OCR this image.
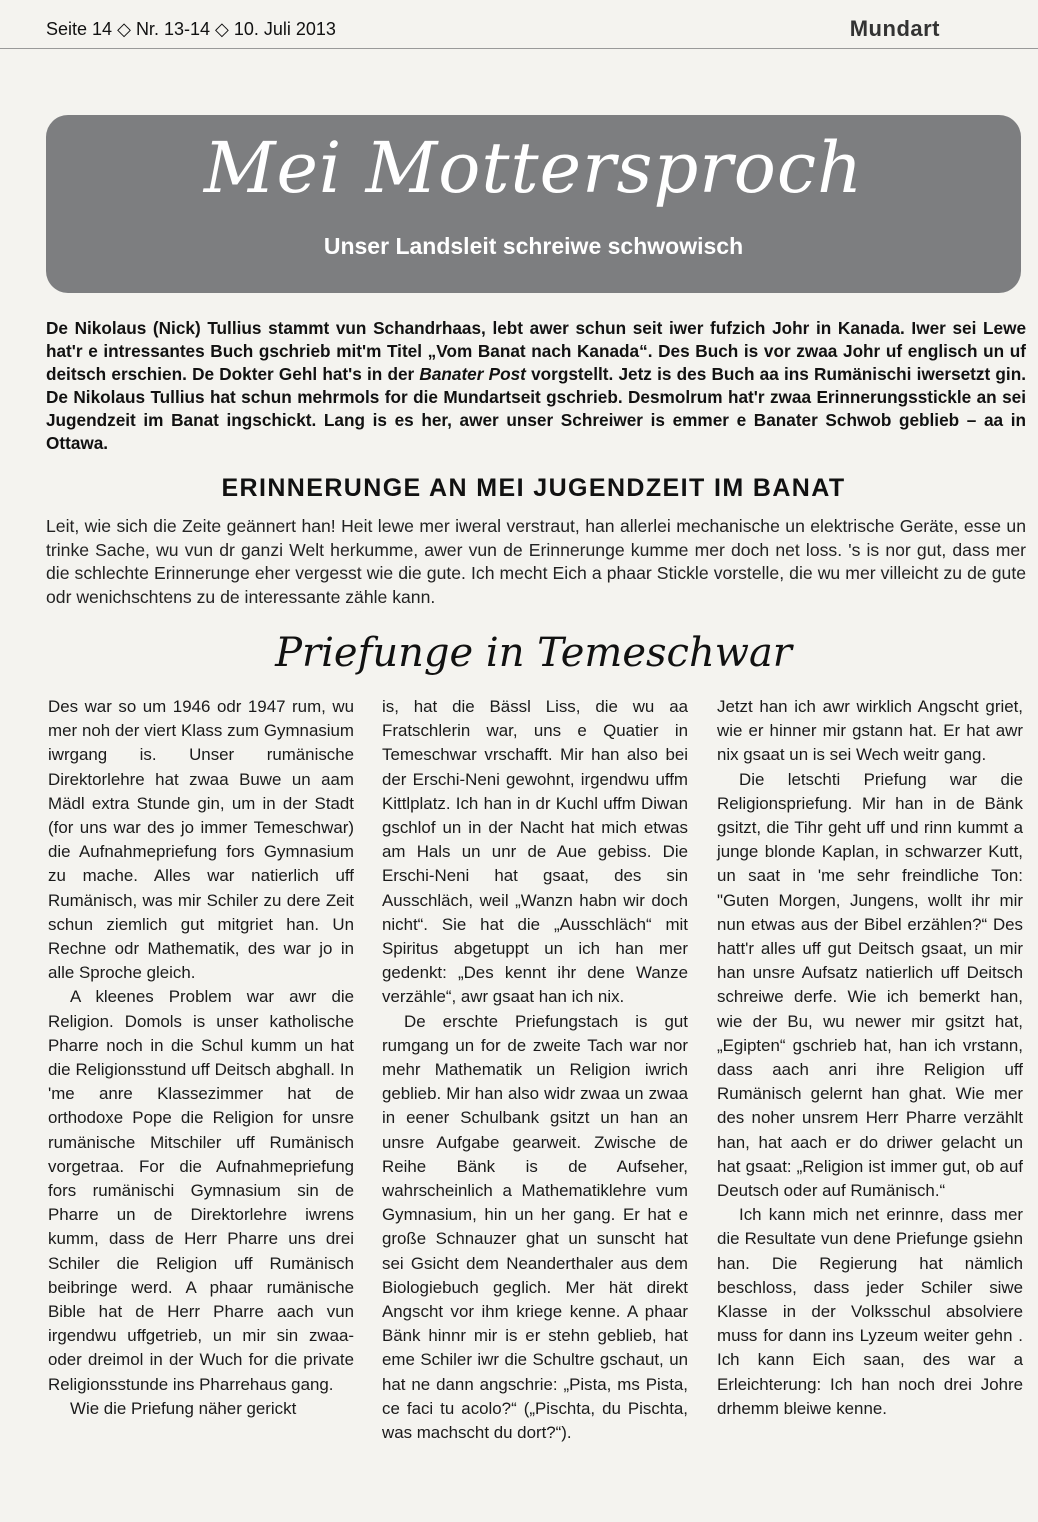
Seite 14 ◇ Nr. 13-14 ◇ 10. Juli 2013	Mundart
Mei Mottersproch
Unser Landsleit schreiwe schwowisch
De Nikolaus (Nick) Tullius stammt vun Schandrhaas, lebt awer schun seit iwer fufzich Johr in Kanada. Iwer sei Lewe hat'r e intressantes Buch gschrieb mit'm Titel „Vom Banat nach Kanada“. Des Buch is vor zwaa Johr uf englisch un uf deitsch erschien. De Dokter Gehl hat's in der Banater Post vorgstellt. Jetz is des Buch aa ins Rumänischi iwersetzt gin. De Nikolaus Tullius hat schun mehrmols for die Mundartseit gschrieb. Desmolrum hat'r zwaa Erinnerungsstickle an sei Jugendzeit im Banat ingschickt. Lang is es her, awer unser Schreiwer is emmer e Banater Schwob geblieb – aa in Ottawa.
ERINNERUNGE AN MEI JUGENDZEIT IM BANAT
Leit, wie sich die Zeite geännert han! Heit lewe mer iweral verstraut, han allerlei mechanische un elektrische Geräte, esse un trinke Sache, wu vun dr ganzi Welt herkumme, awer vun de Erinnerunge kumme mer doch net loss. 's is nor gut, dass mer die schlechte Erinnerunge eher vergesst wie die gute. Ich mecht Eich a phaar Stickle vorstelle, die wu mer villeicht zu de gute odr wenichschtens zu de interessante zähle kann.
Priefunge in Temeschwar

Des war so um 1946 odr 1947 rum, wu mer noh der viert Klass zum Gymnasium iwrgang is. Unser rumänische Direktorlehre hat zwaa Buwe un aam Mädl extra Stunde gin, um in der Stadt (for uns war des jo immer Temeschwar) die Aufnahmepriefung fors Gymnasium zu mache. Alles war natierlich uff Rumänisch, was mir Schiler zu dere Zeit schun ziemlich gut mitgriet han. Un Rechne odr Mathematik, des war jo in alle Sproche gleich.

A kleenes Problem war awr die Religion. Domols is unser katholische Pharre noch in die Schul kumm un hat die Religionsstund uff Deitsch abghall. In 'me anre Klassezimmer hat de orthodoxe Pope die Religion for unsre rumänische Mitschiler uff Rumänisch vorgetraa. For die Aufnahmepriefung fors rumänischi Gymnasium sin de Pharre un de Direktorlehre iwrens kumm, dass de Herr Pharre uns drei Schiler die Religion uff Rumänisch beibringe werd. A phaar rumänische Bible hat de Herr Pharre aach vun irgendwu uffgetrieb, un mir sin zwaa- oder dreimol in der Wuch for die private Religionsstunde ins Pharrehaus gang.

Wie die Priefung näher gerickt

is, hat die Bässl Liss, die wu aa Fratschlerin war, uns e Quatier in Temeschwar vrschafft. Mir han also bei der Erschi-Neni gewohnt, irgendwu uffm Kittlplatz. Ich han in dr Kuchl uffm Diwan gschlof un in der Nacht hat mich etwas am Hals un unr de Aue gebiss. Die Erschi-Neni hat gsaat, des sin Ausschläch, weil „Wanzn habn wir doch nicht“. Sie hat die „Ausschläch“ mit Spiritus abgetuppt un ich han mer gedenkt: „Des kennt ihr dene Wanze verzähle“, awr gsaat han ich nix.

De erschte Priefungstach is gut rumgang un for de zweite Tach war nor mehr Mathematik un Religion iwrich geblieb. Mir han also widr zwaa un zwaa in eener Schulbank gsitzt un han an unsre Aufgabe gearweit. Zwische de Reihe Bänk is de Aufseher, wahrscheinlich a Mathematiklehre vum Gymnasium, hin un her gang. Er hat e große Schnauzer ghat un sunscht hat sei Gsicht dem Neanderthaler aus dem Biologiebuch geglich. Mer hät direkt Angscht vor ihm kriege kenne. A phaar Bänk hinnr mir is er stehn geblieb, hat eme Schiler iwr die Schultre gschaut, un hat ne dann angschrie: „Pista, ms Pista, ce faci tu acolo?“ („Pischta, du Pischta, was machscht du dort?“).

Jetzt han ich awr wirklich Angscht griet, wie er hinner mir gstann hat. Er hat awr nix gsaat un is sei Wech weitr gang.

Die letschti Priefung war die Religionspriefung. Mir han in de Bänk gsitzt, die Tihr geht uff und rinn kummt a junge blonde Kaplan, in schwarzer Kutt, un saat in 'me sehr freindliche Ton: "Guten Morgen, Jungens, wollt ihr mir nun etwas aus der Bibel erzählen?“ Des hatt'r alles uff gut Deitsch gsaat, un mir han unsre Aufsatz natierlich uff Deitsch schreiwe derfe. Wie ich bemerkt han, wie der Bu, wu newer mir gsitzt hat, „Egipten“ gschrieb hat, han ich vrstann, dass aach anri ihre Religion uff Rumänisch gelernt han ghat. Wie mer des noher unsrem Herr Pharre verzählt han, hat aach er do driwer gelacht un hat gsaat: „Religion ist immer gut, ob auf Deutsch oder auf Rumänisch.“

Ich kann mich net erinnre, dass mer die Resultate vun dene Priefunge gsiehn han. Die Regierung hat nämlich beschloss, dass jeder Schiler siwe Klasse in der Volksschul absolviere muss for dann ins Lyzeum weiter gehn . Ich kann Eich saan, des war a Erleichterung: Ich han noch drei Johre drhemm bleiwe kenne.
